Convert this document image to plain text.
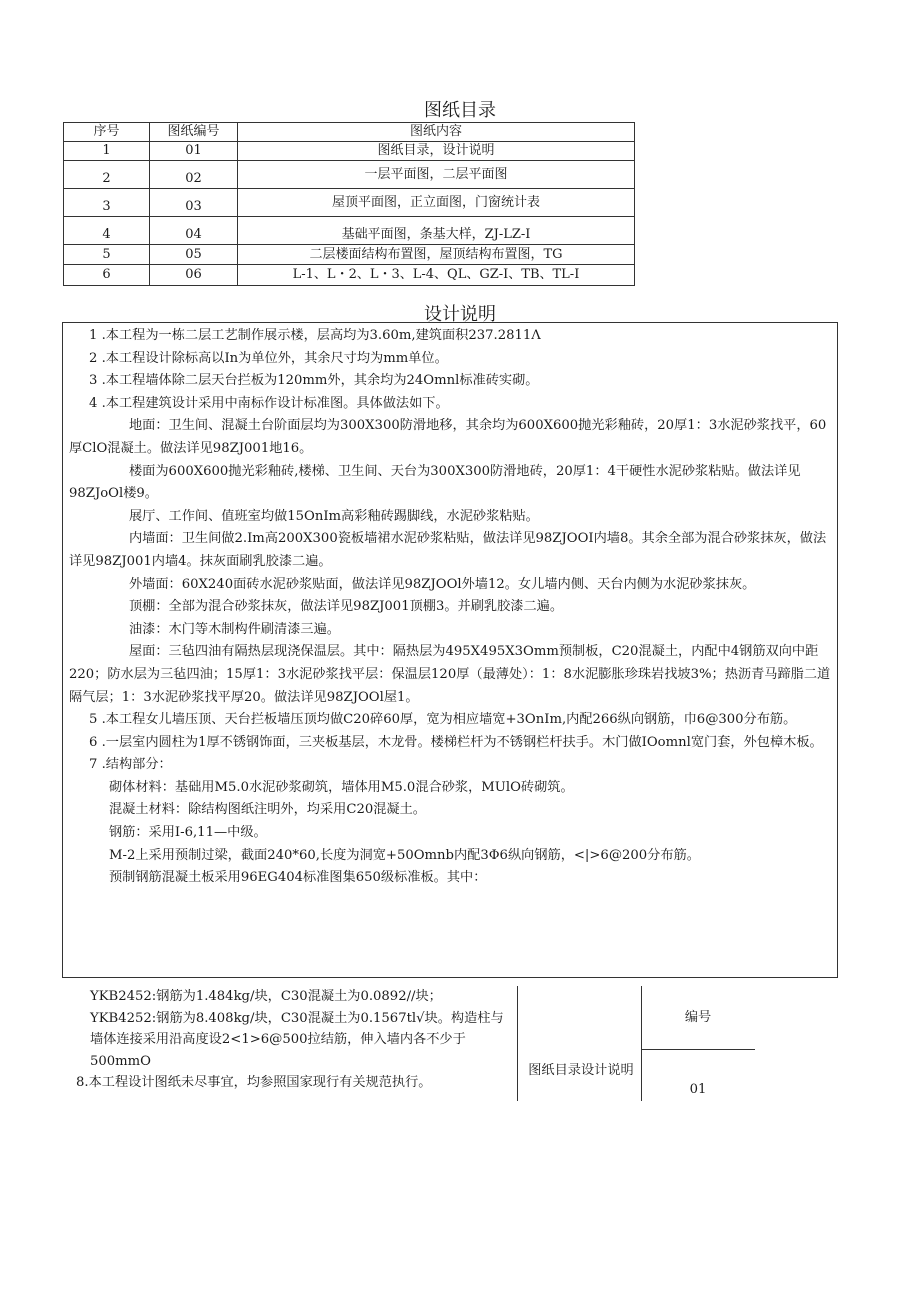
图纸目录
序号	图纸编号	图纸内容
1	01	图纸目录，设计说明
2	02	一层平面图，二层平面图
3	03	屋顶平面图，正立面图，门窗统计表
4	04	基础平面图，条基大样，ZJ-LZ-I
5	05	二层楼面结构布置图，屋顶结构布置图，TG
6	06	L-1、L・2、L・3、L-4、QL、GZ-I、TB、TL-I
设计说明

1 .本工程为一栋二层工艺制作展示楼，层高均为3.60m,建筑面积237.2811Λ

2 .本工程设计除标高以In为单位外，其余尺寸均为mm单位。

3 .本工程墙体除二层天台拦板为120mm外，其余均为24Omnl标准砖实砌。

4 .本工程建筑设计采用中南标作设计标准图。具体做法如下。

地面：卫生间、混凝土台阶面层均为300X300防滑地移，其余均为600X600抛光彩釉砖，20厚1：3水泥砂浆找平，60厚ClO混凝土。做法详见98ZJ001地16。

楼面为600X600抛光彩釉砖,楼梯、卫生间、天台为300X300防滑地砖，20厚1：4干硬性水泥砂浆粘贴。做法详见98ZJoOl楼9。

展厅、工作间、值班室均做15OnIm高彩釉砖踢脚线，水泥砂浆粘贴。

内墙面：卫生间做2.Im高200X300瓷板墙裙水泥砂浆粘贴，做法详见98ZJOOI内墙8。其余全部为混合砂浆抹灰，做法详见98ZJ001内墙4。抹灰面刷乳胶漆二遍。

外墙面：60X240面砖水泥砂浆贴面，做法详见98ZJOOl外墙12。女儿墙内侧、天台内侧为水泥砂浆抹灰。

顶棚：全部为混合砂浆抹灰，做法详见98ZJ001顶棚3。并刷乳胶漆二遍。

油漆：木门等木制构件刷清漆三遍。

屋面：三毡四油有隔热层现浇保温层。其中：隔热层为495X495X3Omm预制板，C20混凝土，内配中4钢筋双向中距220；防水层为三毡四油；15厚1：3水泥砂浆找平层：保温层120厚（最薄处）：1：8水泥膨胀珍珠岩找坡3%；热沥青马蹄脂二道隔气层；1：3水泥砂浆找平厚20。做法详见98ZJOOl屋1。

5 .本工程女儿墙压顶、天台拦板墙压顶均做C20碎60厚，宽为相应墙宽+3OnIm,内配266纵向钢筋，巾6@300分布筋。

6 .一层室内圆柱为1厚不锈钢饰面，三夹板基层，木龙骨。楼梯栏杆为不锈钢栏杆扶手。木门做IOomnl宽门套，外包樟木板。

7 .结构部分：

砌体材料：基础用M5.0水泥砂浆砌筑，墙体用M5.0混合砂浆，MUlO砖砌筑。

混凝土材料：除结构图纸注明外，均采用C20混凝土。

钢筋：采用I-6,11—中级。

M-2上采用预制过梁，截面240*60,长度为洞宽+50Omnb内配3Φ6纵向钢筋，<|>6@200分布筋。

预制钢筋混凝土板采用96EG404标准图集650级标准板。其中：

YKB2452:钢筋为1.484kg/块，C30混凝土为0.0892//块；

YKB4252:钢筋为8.408kg/块，C30混凝土为0.1567tl√块。构造柱与墙体连接采用沿高度设2<1>6@500拉结筋，伸入墙内各不少于500mmO

8.本工程设计图纸未尽事宜，均参照国家现行有关规范执行。

编号
图纸目录设计说明
01
